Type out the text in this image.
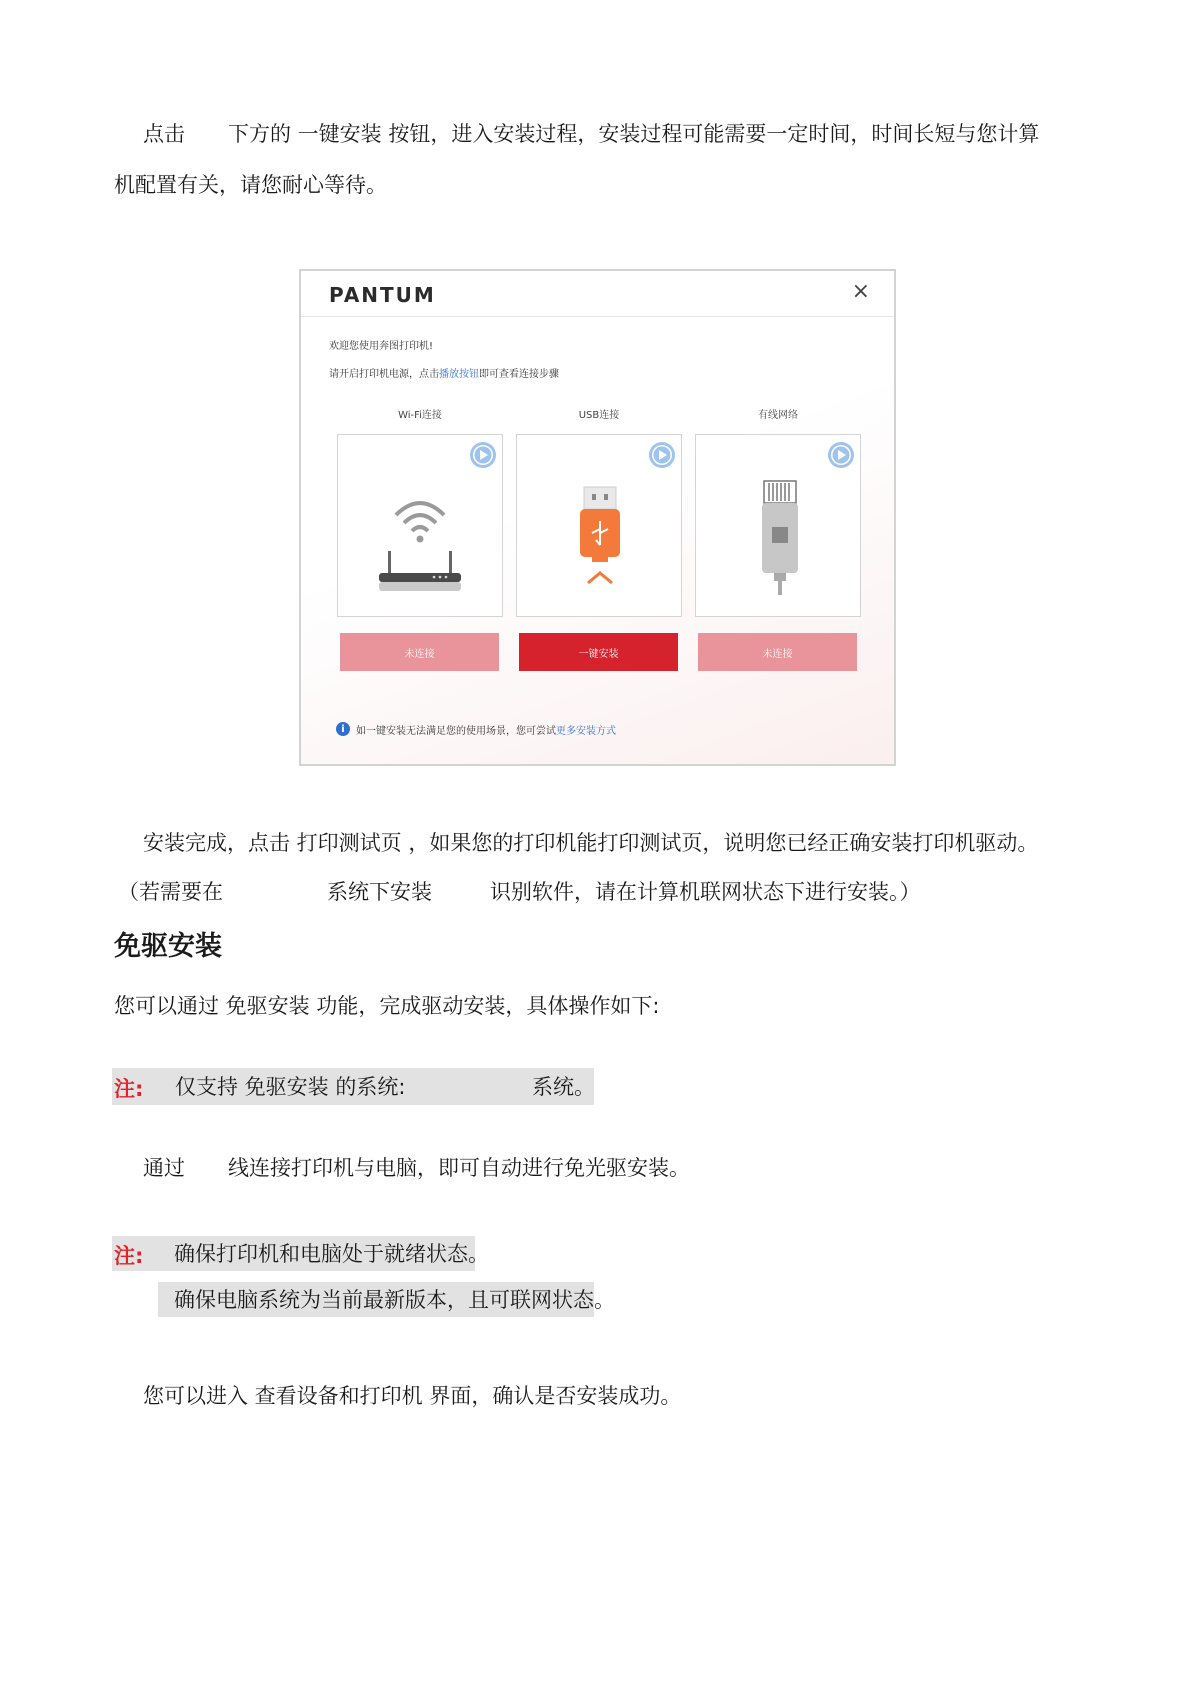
点击 下方的 一键安装 按钮，进入安装过程，安装过程可能需要一定时间，时间长短与您计算
机配置有关，请您耐心等待。
PANTUM	×
欢迎您使用奔图打印机!
请开启打印机电源，点击播放按钮即可查看连接步骤
Wi-Fi连接
未连接
USB连接
一键安装
有线网络
未连接
i	如一键安装无法满足您的使用场景，您可尝试更多安装方式
安装完成，点击 打印测试页 ，如果您的打印机能打印测试页，说明您已经正确安装打印机驱动。
（若需要在	系统下安装	识别软件，请在计算机联网状态下进行安装。）
免驱安装
您可以通过 免驱安装 功能，完成驱动安装，具体操作如下:
注: 仅支持 免驱安装 的系统:	系统。
通过 线连接打印机与电脑，即可自动进行免光驱安装。
注: 确保打印机和电脑处于就绪状态。
确保电脑系统为当前最新版本，且可联网状态。
您可以进入 查看设备和打印机 界面，确认是否安装成功。
